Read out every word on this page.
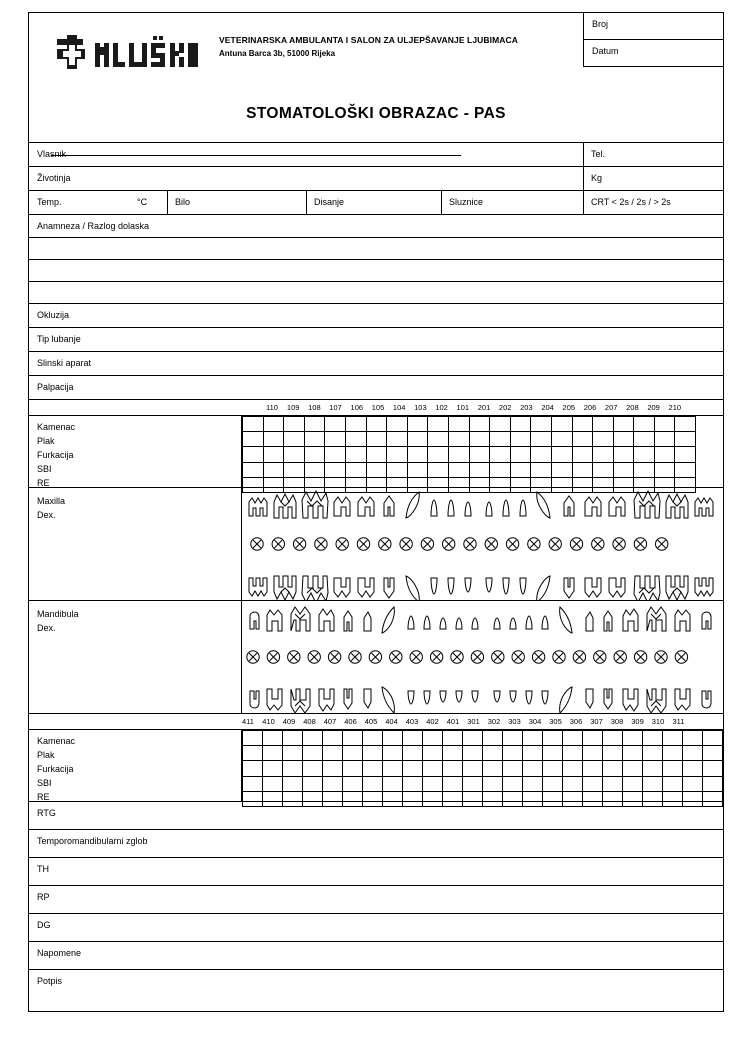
VETERINARSKA AMBULANTA I SALON ZA ULJEPŠAVANJE LJUBIMACA
Antuna Barca 3b, 51000 Rijeka
STOMATOLOŠKI OBRAZAC - PAS
Broj
Datum
Vlasnik	Tel.
Životinja	Kg
Temp.	°C	Bilo	Disanje	Sluznice	CRT < 2s / 2s / > 2s
Anamneza / Razlog dolaska
Okluzija
Tip lubanje
Slinski aparat
Palpacija
110	109	108	107	106	105	104	103	102	101	201	202	203	204	205	206	207	208	209	210
Kamenac
Plak
Furkacija
SBI
RE

Maxilla
Dex.
Mandibula
Dex.
411	410	409	408	407	406	405	404	403	402	401	301	302	303	304	305	306	307	308	309	310	311
Kamenac
Plak
Furkacija
SBI
RE

RTG
Temporomandibularni zglob
TH
RP
DG
Napomene
Potpis
